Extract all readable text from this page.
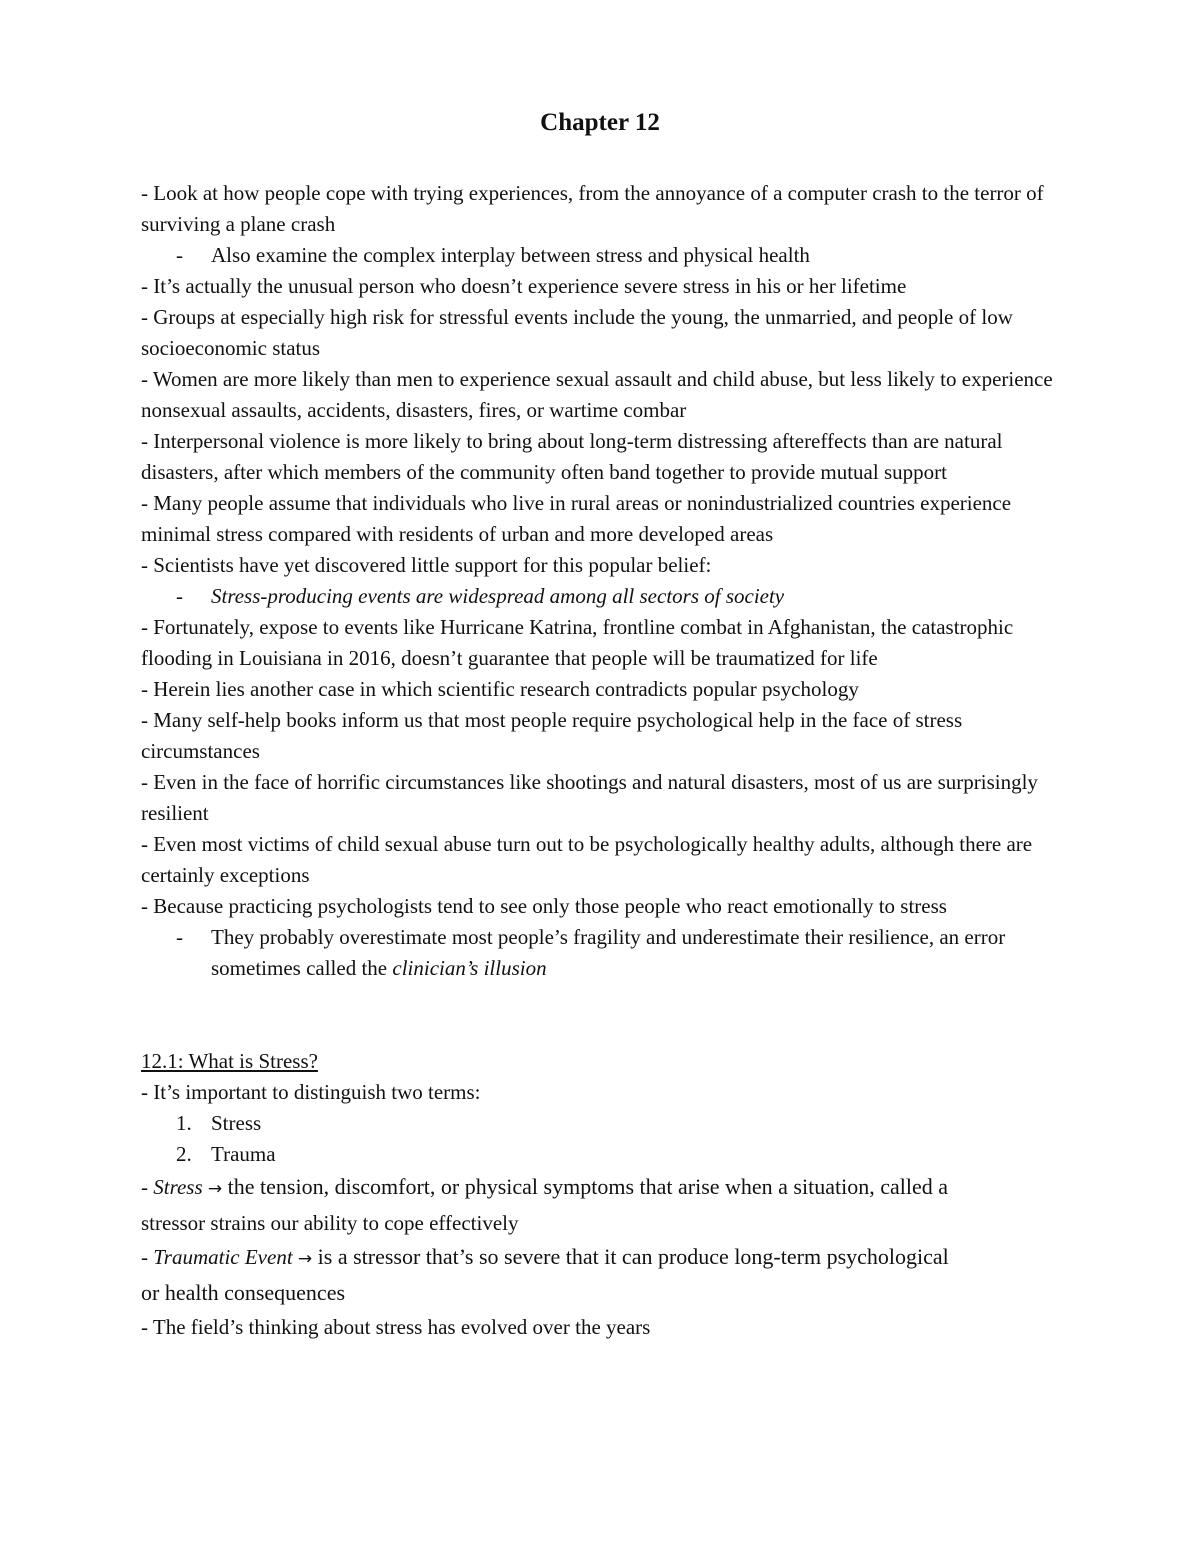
Chapter 12

- Look at how people cope with trying experiences, from the annoyance of a computer crash to the terror of surviving a plane crash

- Also examine the complex interplay between stress and physical health

- It’s actually the unusual person who doesn’t experience severe stress in his or her lifetime

- Groups at especially high risk for stressful events include the young, the unmarried, and people of low socioeconomic status

- Women are more likely than men to experience sexual assault and child abuse, but less likely to experience nonsexual assaults, accidents, disasters, fires, or wartime combar

- Interpersonal violence is more likely to bring about long-term distressing aftereffects than are natural disasters, after which members of the community often band together to provide mutual support

- Many people assume that individuals who live in rural areas or nonindustrialized countries experience minimal stress compared with residents of urban and more developed areas

- Scientists have yet discovered little support for this popular belief:

- Stress-producing events are widespread among all sectors of society

- Fortunately, expose to events like Hurricane Katrina, frontline combat in Afghanistan, the catastrophic flooding in Louisiana in 2016, doesn’t guarantee that people will be traumatized for life

- Herein lies another case in which scientific research contradicts popular psychology

- Many self-help books inform us that most people require psychological help in the face of stress circumstances

- Even in the face of horrific circumstances like shootings and natural disasters, most of us are surprisingly resilient

- Even most victims of child sexual abuse turn out to be psychologically healthy adults, although there are certainly exceptions

- Because practicing psychologists tend to see only those people who react emotionally to stress

- They probably overestimate most people’s fragility and underestimate their resilience, an error sometimes called the clinician’s illusion

12.1: What is Stress?

- It’s important to distinguish two terms:

1. Stress

2. Trauma

- Stress → the tension, discomfort, or physical symptoms that arise when a situation, called a

stressor strains our ability to cope effectively

- Traumatic Event → is a stressor that’s so severe that it can produce long-term psychological

or health consequences

- The field’s thinking about stress has evolved over the years
